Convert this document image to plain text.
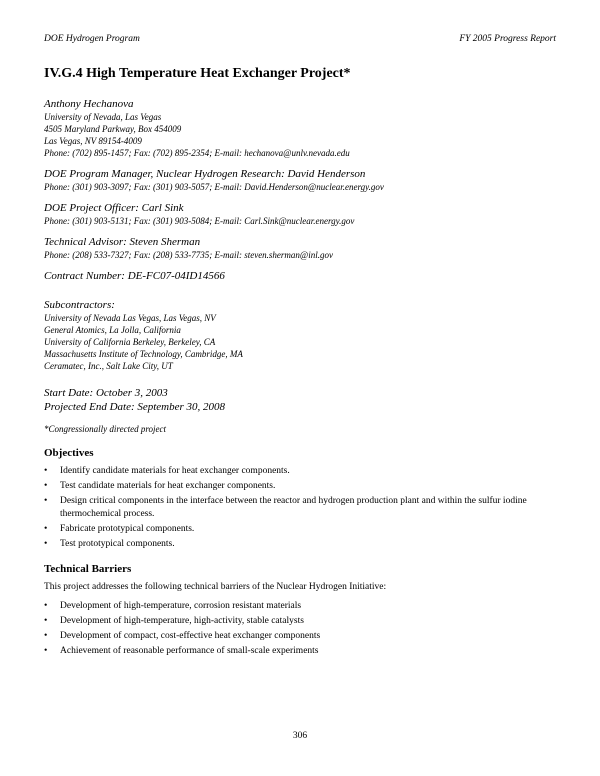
DOE Hydrogen Program	FY 2005 Progress Report
IV.G.4 High Temperature Heat Exchanger Project*
Anthony Hechanova
University of Nevada, Las Vegas
4505 Maryland Parkway, Box 454009
Las Vegas, NV 89154-4009
Phone: (702) 895-1457; Fax: (702) 895-2354; E-mail: hechanova@unlv.nevada.edu
DOE Program Manager, Nuclear Hydrogen Research: David Henderson
Phone: (301) 903-3097; Fax: (301) 903-5057; E-mail: David.Henderson@nuclear.energy.gov
DOE Project Officer: Carl Sink
Phone: (301) 903-5131; Fax: (301) 903-5084; E-mail: Carl.Sink@nuclear.energy.gov
Technical Advisor: Steven Sherman
Phone: (208) 533-7327; Fax: (208) 533-7735; E-mail: steven.sherman@inl.gov
Contract Number: DE-FC07-04ID14566
Subcontractors:
University of Nevada Las Vegas, Las Vegas, NV
General Atomics, La Jolla, California
University of California Berkeley, Berkeley, CA
Massachusetts Institute of Technology, Cambridge, MA
Ceramatec, Inc., Salt Lake City, UT
Start Date: October 3, 2003
Projected End Date: September 30, 2008
*Congressionally directed project
Objectives
• Identify candidate materials for heat exchanger components.
• Test candidate materials for heat exchanger components.
• Design critical components in the interface between the reactor and hydrogen production plant and within the sulfur iodine thermochemical process.
• Fabricate prototypical components.
• Test prototypical components.
Technical Barriers
This project addresses the following technical barriers of the Nuclear Hydrogen Initiative:
• Development of high-temperature, corrosion resistant materials
• Development of high-temperature, high-activity, stable catalysts
• Development of compact, cost-effective heat exchanger components
• Achievement of reasonable performance of small-scale experiments
306
